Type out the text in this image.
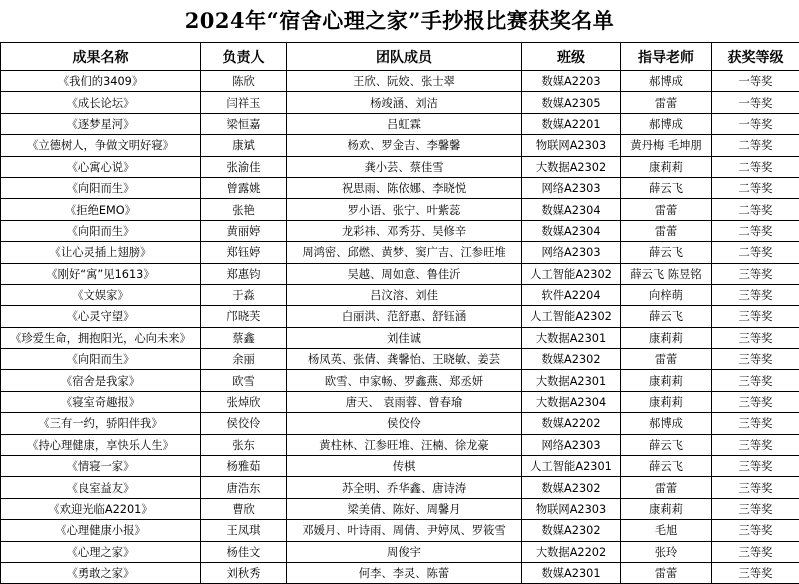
2024年“宿舍心理之家”手抄报比赛获奖名单
成果名称	负责人	团队成员	班级	指导老师	获奖等级
《我们的3409》	陈欣	王欣、阮姣、张士翠	数媒A2203	郝博成	一等奖
《成长论坛》	闫祥玉	杨竣涵、刘洁	数媒A2305	雷蕾	一等奖
《逐梦星河》	梁恒嘉	吕虹霖	数媒A2201	郝博成	一等奖
《立德树人，争做文明好寝》	康斌	杨欢、罗金吉、李馨馨	物联网A2303	黄丹梅 毛坤朋	二等奖
《心寓心说》	张渝佳	龚小芸、蔡佳雪	大数据A2302	康莉莉	二等奖
《向阳而生》	曾露姚	祝思雨、陈依娜、李晓悦	网络A2303	薛云飞	二等奖
《拒绝EMO》	张艳	罗小语、张宁、叶紫蕊	数媒A2304	雷蕾	二等奖
《向阳而生》	黄丽婷	龙彩祎、邓秀芬、吴修辛	数媒A2304	雷蕾	二等奖
《让心灵插上翅膀》	郑钰婷	周鸿密、邱燃、黄梦、窦广吉、江参旺堆	网络A2303	薛云飞	二等奖
《刚好“寓”见1613》	郑惠钧	吴越、周如意、鲁佳沂	人工智能A2302	薛云飞 陈昱铭	三等奖
《文娱家》	于淼	吕汶溶、刘佳	软件A2204	向梓萌	三等奖
《心灵守望》	邝晓芙	白丽洪、范舒惠、舒钰涵	人工智能A2302	薛云飞	三等奖
《珍爱生命，拥抱阳光，心向未来》	蔡鑫	刘佳诚	大数据A2301	康莉莉	三等奖
《向阳而生》	余丽	杨凤英、张倩、龚馨怡、王晓敏、姜芸	数媒A2302	雷蕾	三等奖
《宿舍是我家》	欧雪	欧雪、申家畅、罗鑫燕、郑丞妍	大数据A2301	康莉莉	三等奖
《寝室奇趣报》	张焯欣	唐天、 袁雨蓉、曾春瑜	大数据A2304	康莉莉	三等奖
《三有一约，骄阳伴我》	侯佼伶	侯佼伶	数媒A2202	郝博成	三等奖
《持心理健康，享快乐人生》	张东	黄柱林、江参旺堆、汪楠、徐龙豪	网络A2303	薛云飞	三等奖
《情寝一家》	杨雅茹	传棋	人工智能A2301	薛云飞	三等奖
《良室益友》	唐浩东	苏全明、乔华鑫、唐诗涛	数媒A2302	雷蕾	三等奖
《欢迎光临A2201》	曹欣	梁美倩、陈好、周馨月	物联网A2303	康莉莉	三等奖
《心理健康小报》	王凤琪	邓媛月、叶诗雨、周倩、尹婷凤、罗筱雪	数媒A2302	毛旭	三等奖
《心理之家》	杨佳文	周俊宇	大数据A2202	张玲	三等奖
《勇敢之家》	刘秋秀	何李、李灵、陈蕾	数媒A2301	雷蕾	三等奖
